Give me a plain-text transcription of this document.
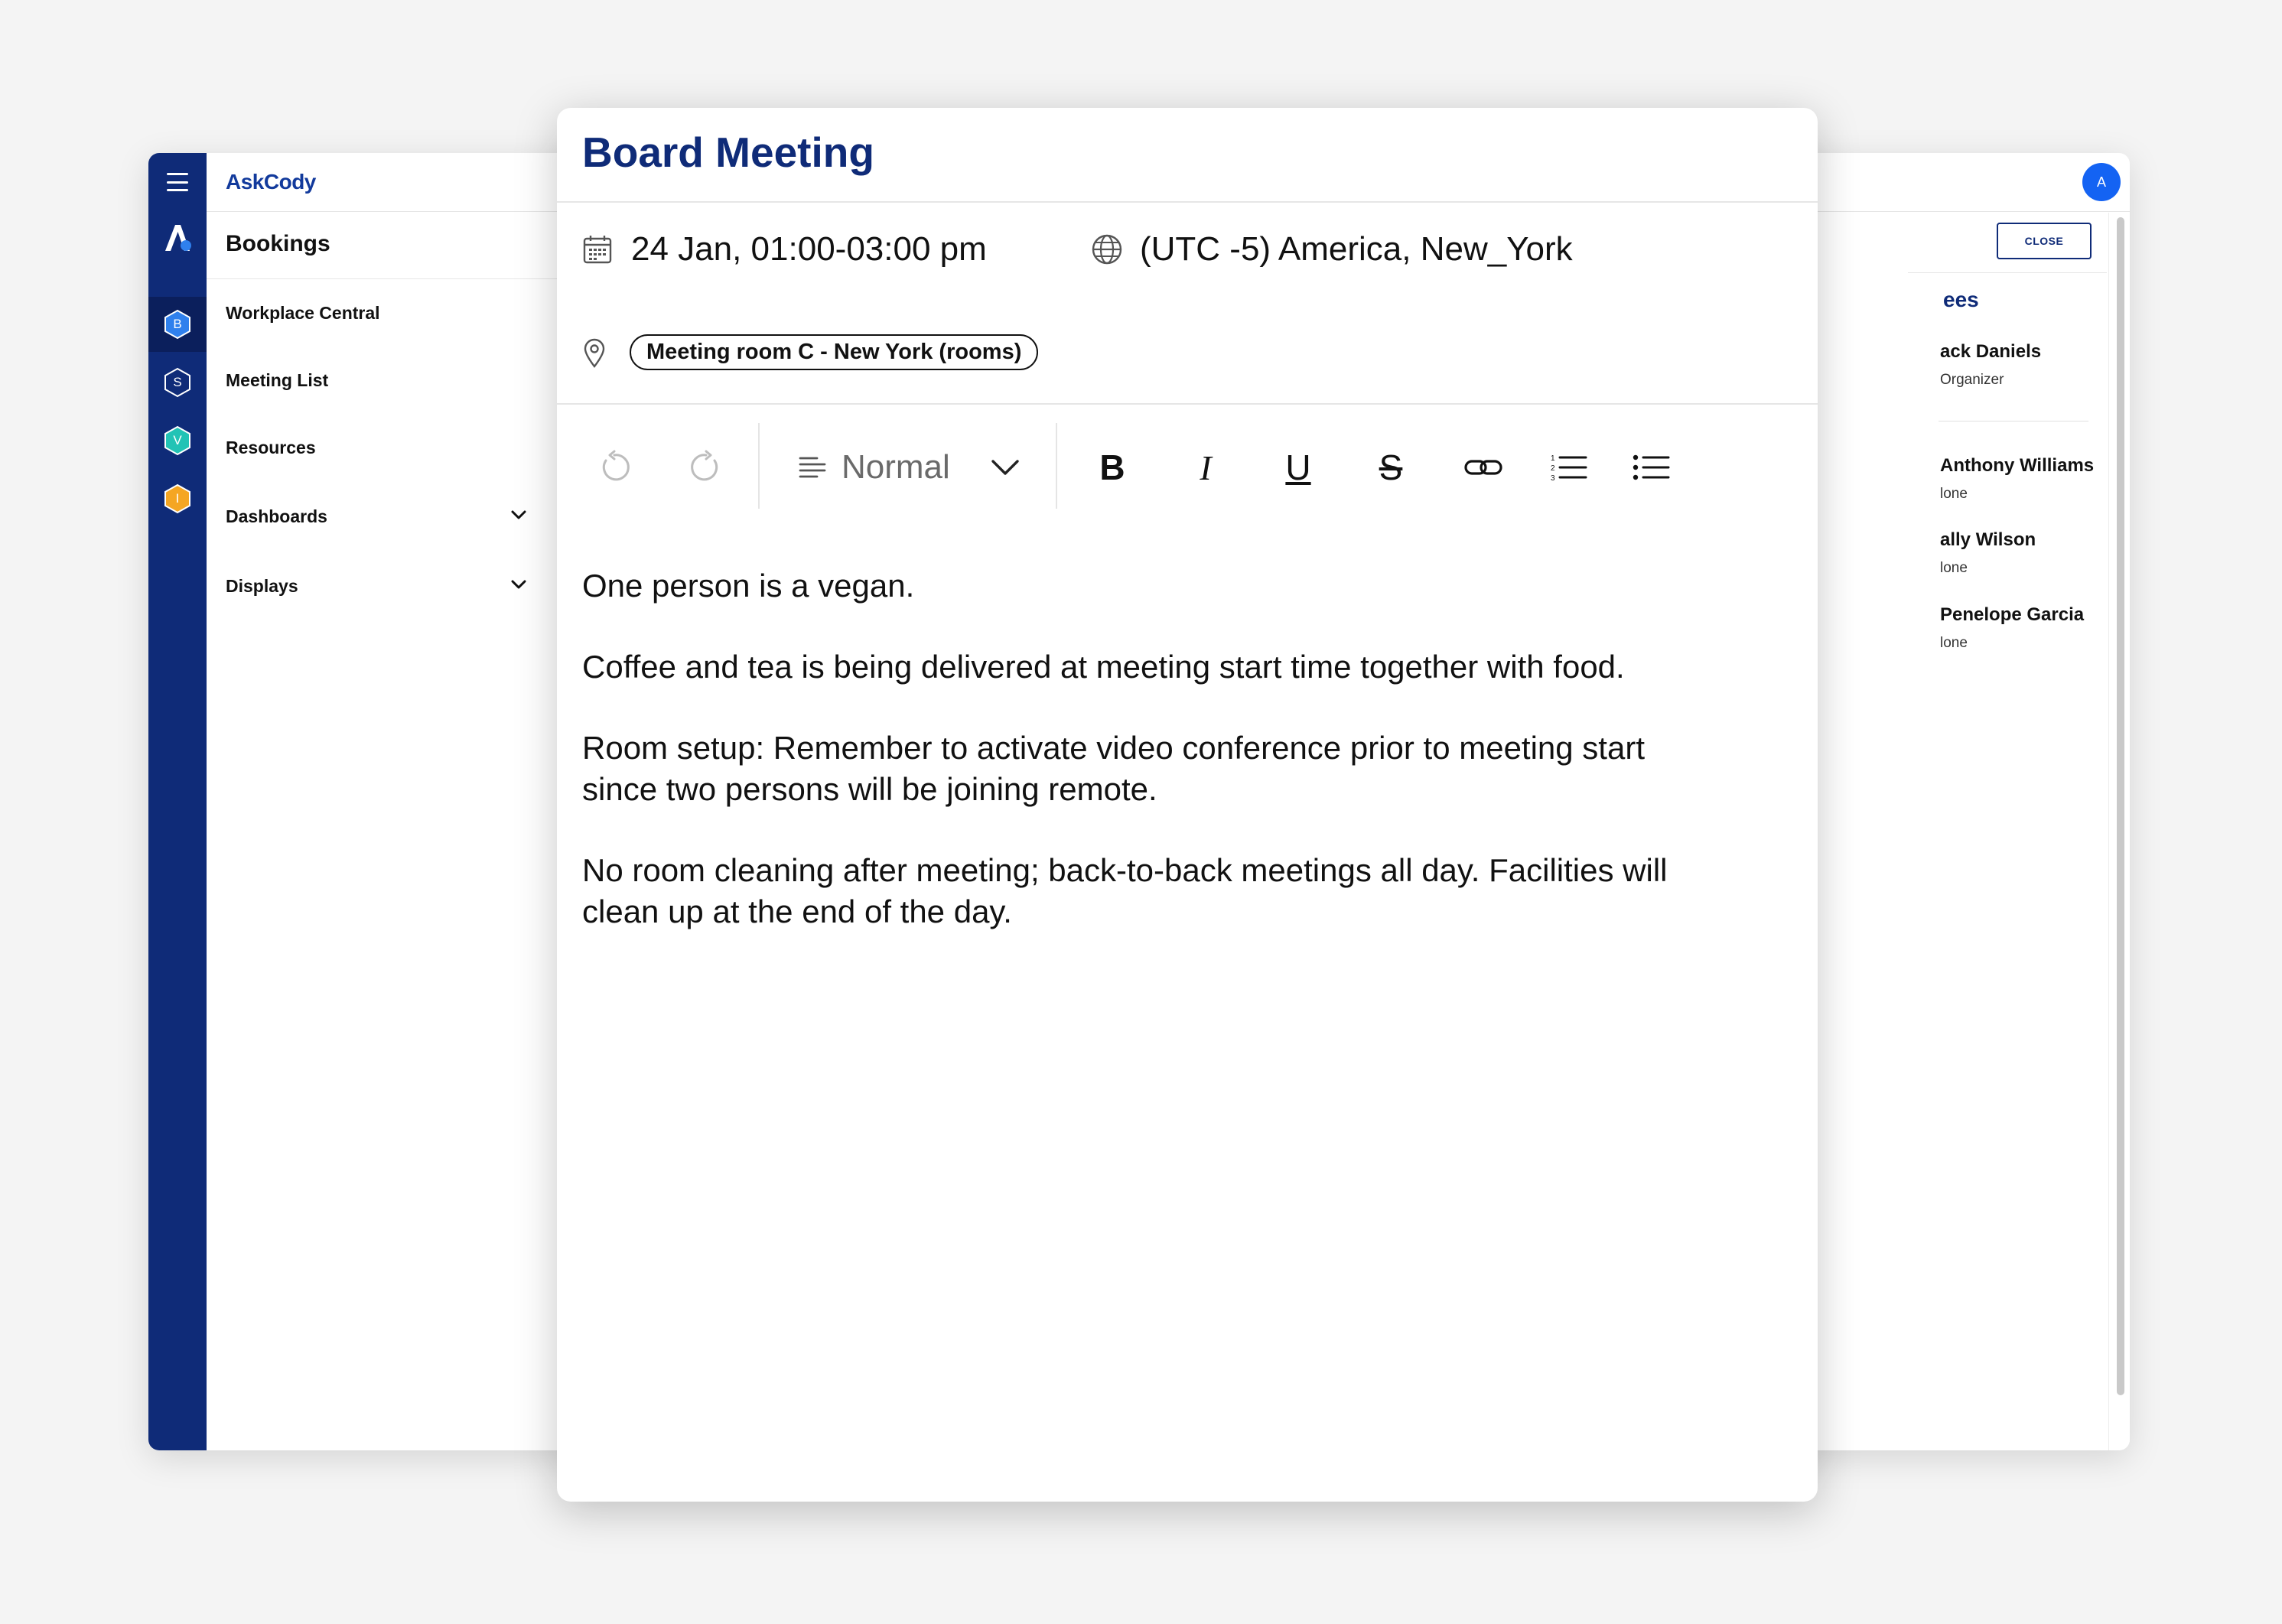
B
S
V
I
AskCody
Bookings
Workplace Central
Meeting List
Resources
Dashboards
Displays
A
CLOSE
ees
ack Daniels
Organizer
Anthony Williams
lone
ally Wilson
lone
Penelope Garcia
lone
Board Meeting
24 Jan, 01:00-03:00 pm	(UTC -5) America, New_York
Meeting room C - New York (rooms)
Normal	B I U S	1
2
3

One person is a vegan.

Coffee and tea is being delivered at meeting start time together with food.

Room setup: Remember to activate video conference prior to meeting start since two persons will be joining remote.

No room cleaning after meeting; back-to-back meetings all day. Facilities will clean up at the end of the day.
